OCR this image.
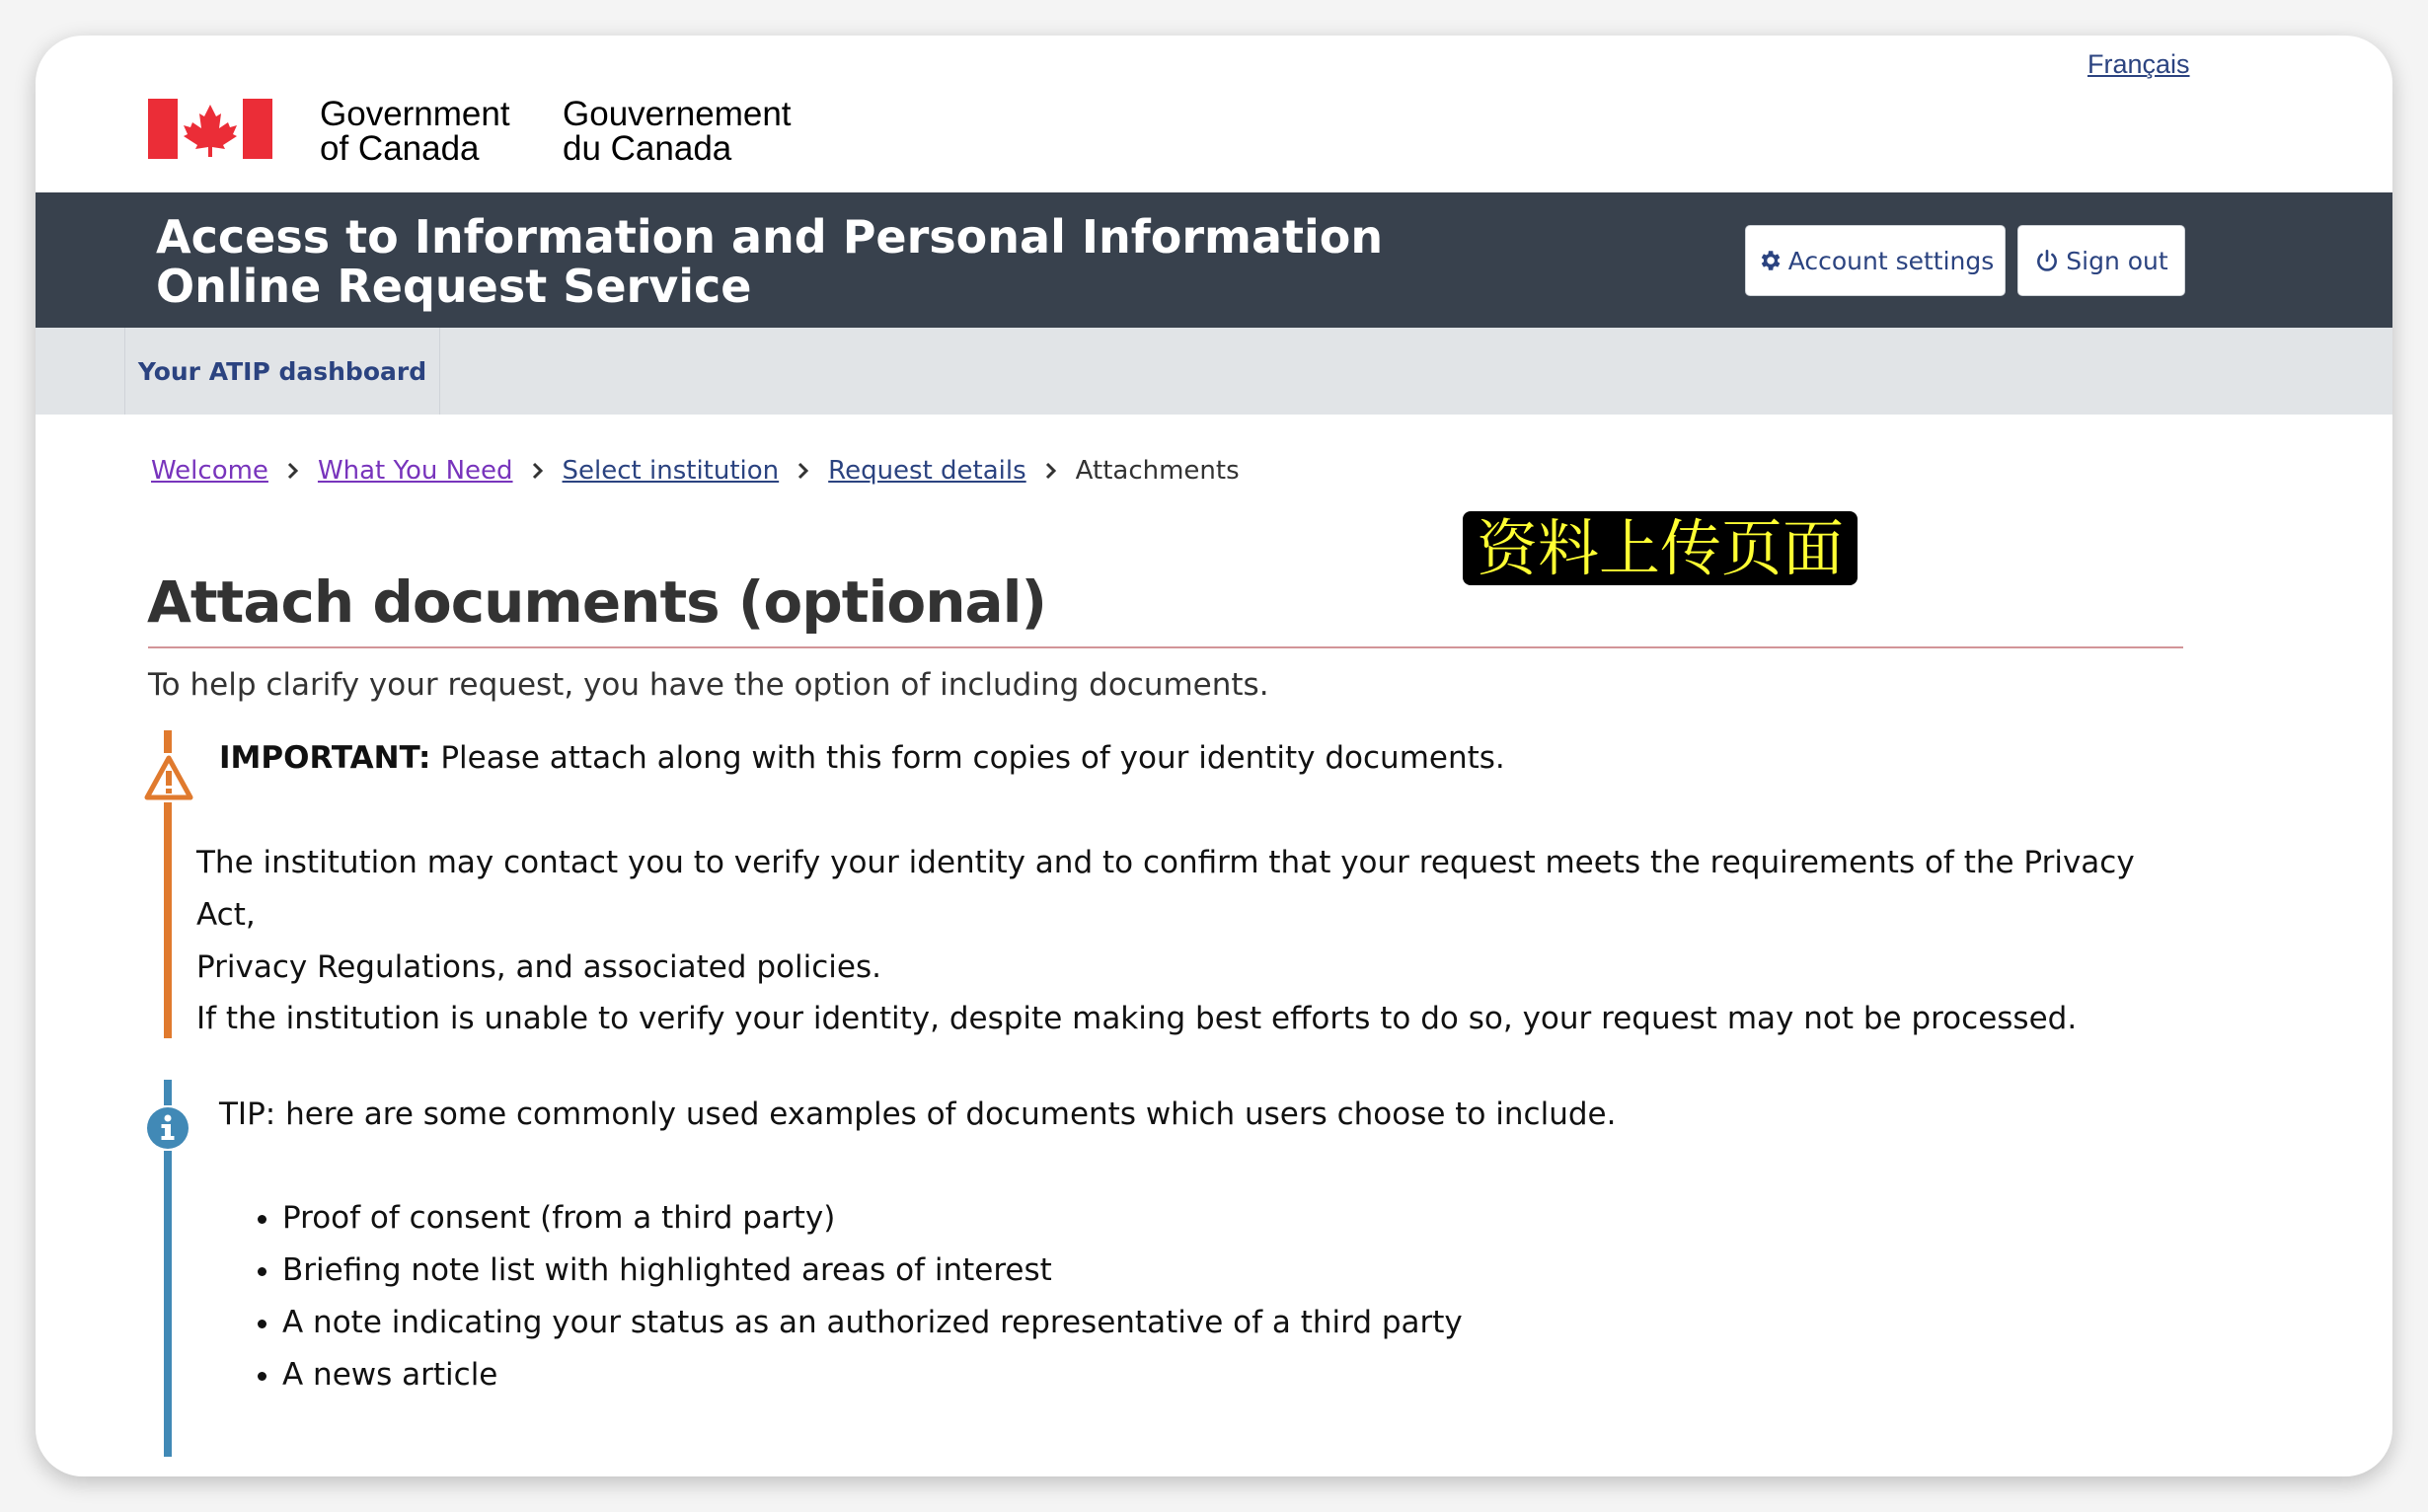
Français
Government
of Canada
Gouvernement
du Canada
Access to Information and Personal Information
Online Request Service	Account settings	Sign out
Your ATIP dashboard
Welcome What You Need Select institution Request details Attachments
资料上传页面
Attach documents (optional)
To help clarify your request, you have the option of including documents.
IMPORTANT: Please attach along with this form copies of your identity documents.
The institution may contact you to verify your identity and to confirm that your request meets the requirements of the Privacy Act,
Privacy Regulations, and associated policies.
If the institution is unable to verify your identity, despite making best efforts to do so, your request may not be processed.
TIP: here are some commonly used examples of documents which users choose to include.
• Proof of consent (from a third party)
• Briefing note list with highlighted areas of interest
• A note indicating your status as an authorized representative of a third party
• A news article
